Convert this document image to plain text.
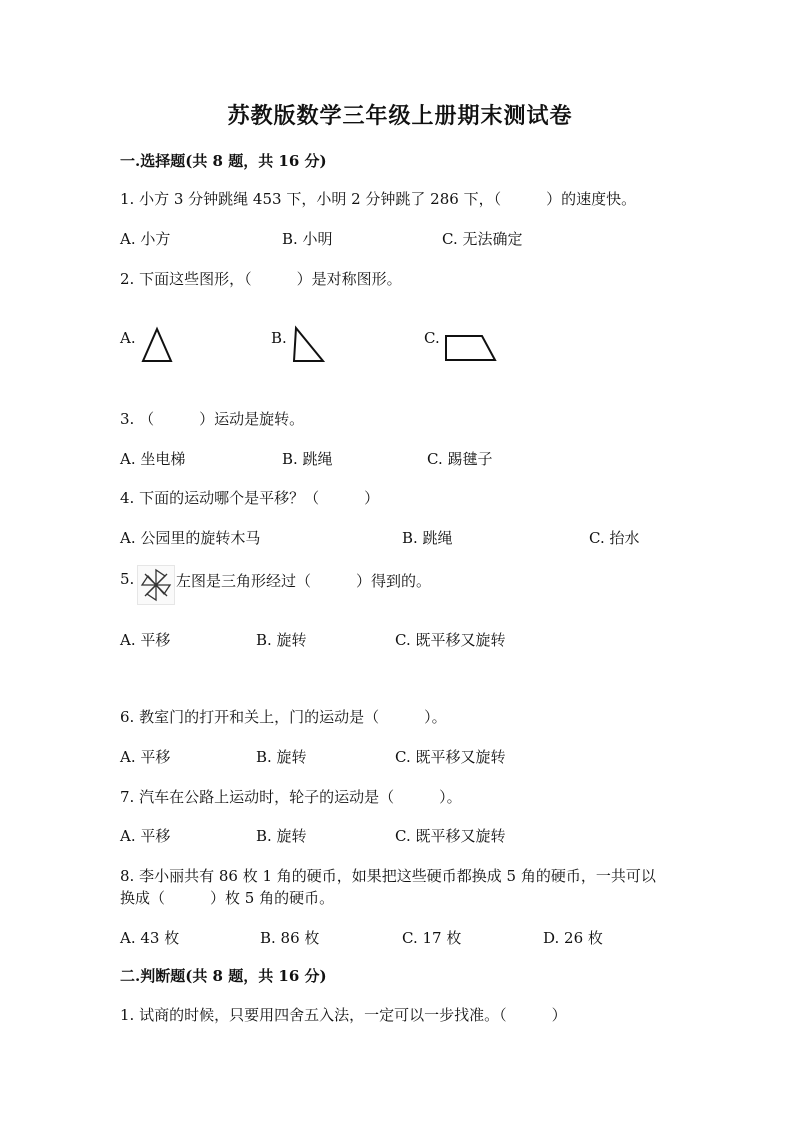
苏教版数学三年级上册期末测试卷
一.选择题(共 8 题，共 16 分)
1. 小方 3 分钟跳绳 453 下，小明 2 分钟跳了 286 下，（　　　）的速度快。
A. 小方	B. 小明	C. 无法确定
2. 下面这些图形，（　　　）是对称图形。
A.	B.	C.
3. （　　　）运动是旋转。
A. 坐电梯	B. 跳绳	C. 踢毽子
4. 下面的运动哪个是平移？（　　　）
A. 公园里的旋转木马	B. 跳绳	C. 抬水
5.	左图是三角形经过（　　　）得到的。
A. 平移	B. 旋转	C. 既平移又旋转
6. 教室门的打开和关上，门的运动是（　　　）。
A. 平移	B. 旋转	C. 既平移又旋转
7. 汽车在公路上运动时，轮子的运动是（　　　）。
A. 平移	B. 旋转	C. 既平移又旋转
8. 李小丽共有 86 枚 1 角的硬币，如果把这些硬币都换成 5 角的硬币，一共可以
换成（　　　）枚 5 角的硬币。
A. 43 枚	B. 86 枚	C. 17 枚	D. 26 枚
二.判断题(共 8 题，共 16 分)
1. 试商的时候，只要用四舍五入法，一定可以一步找准。（　　　）
